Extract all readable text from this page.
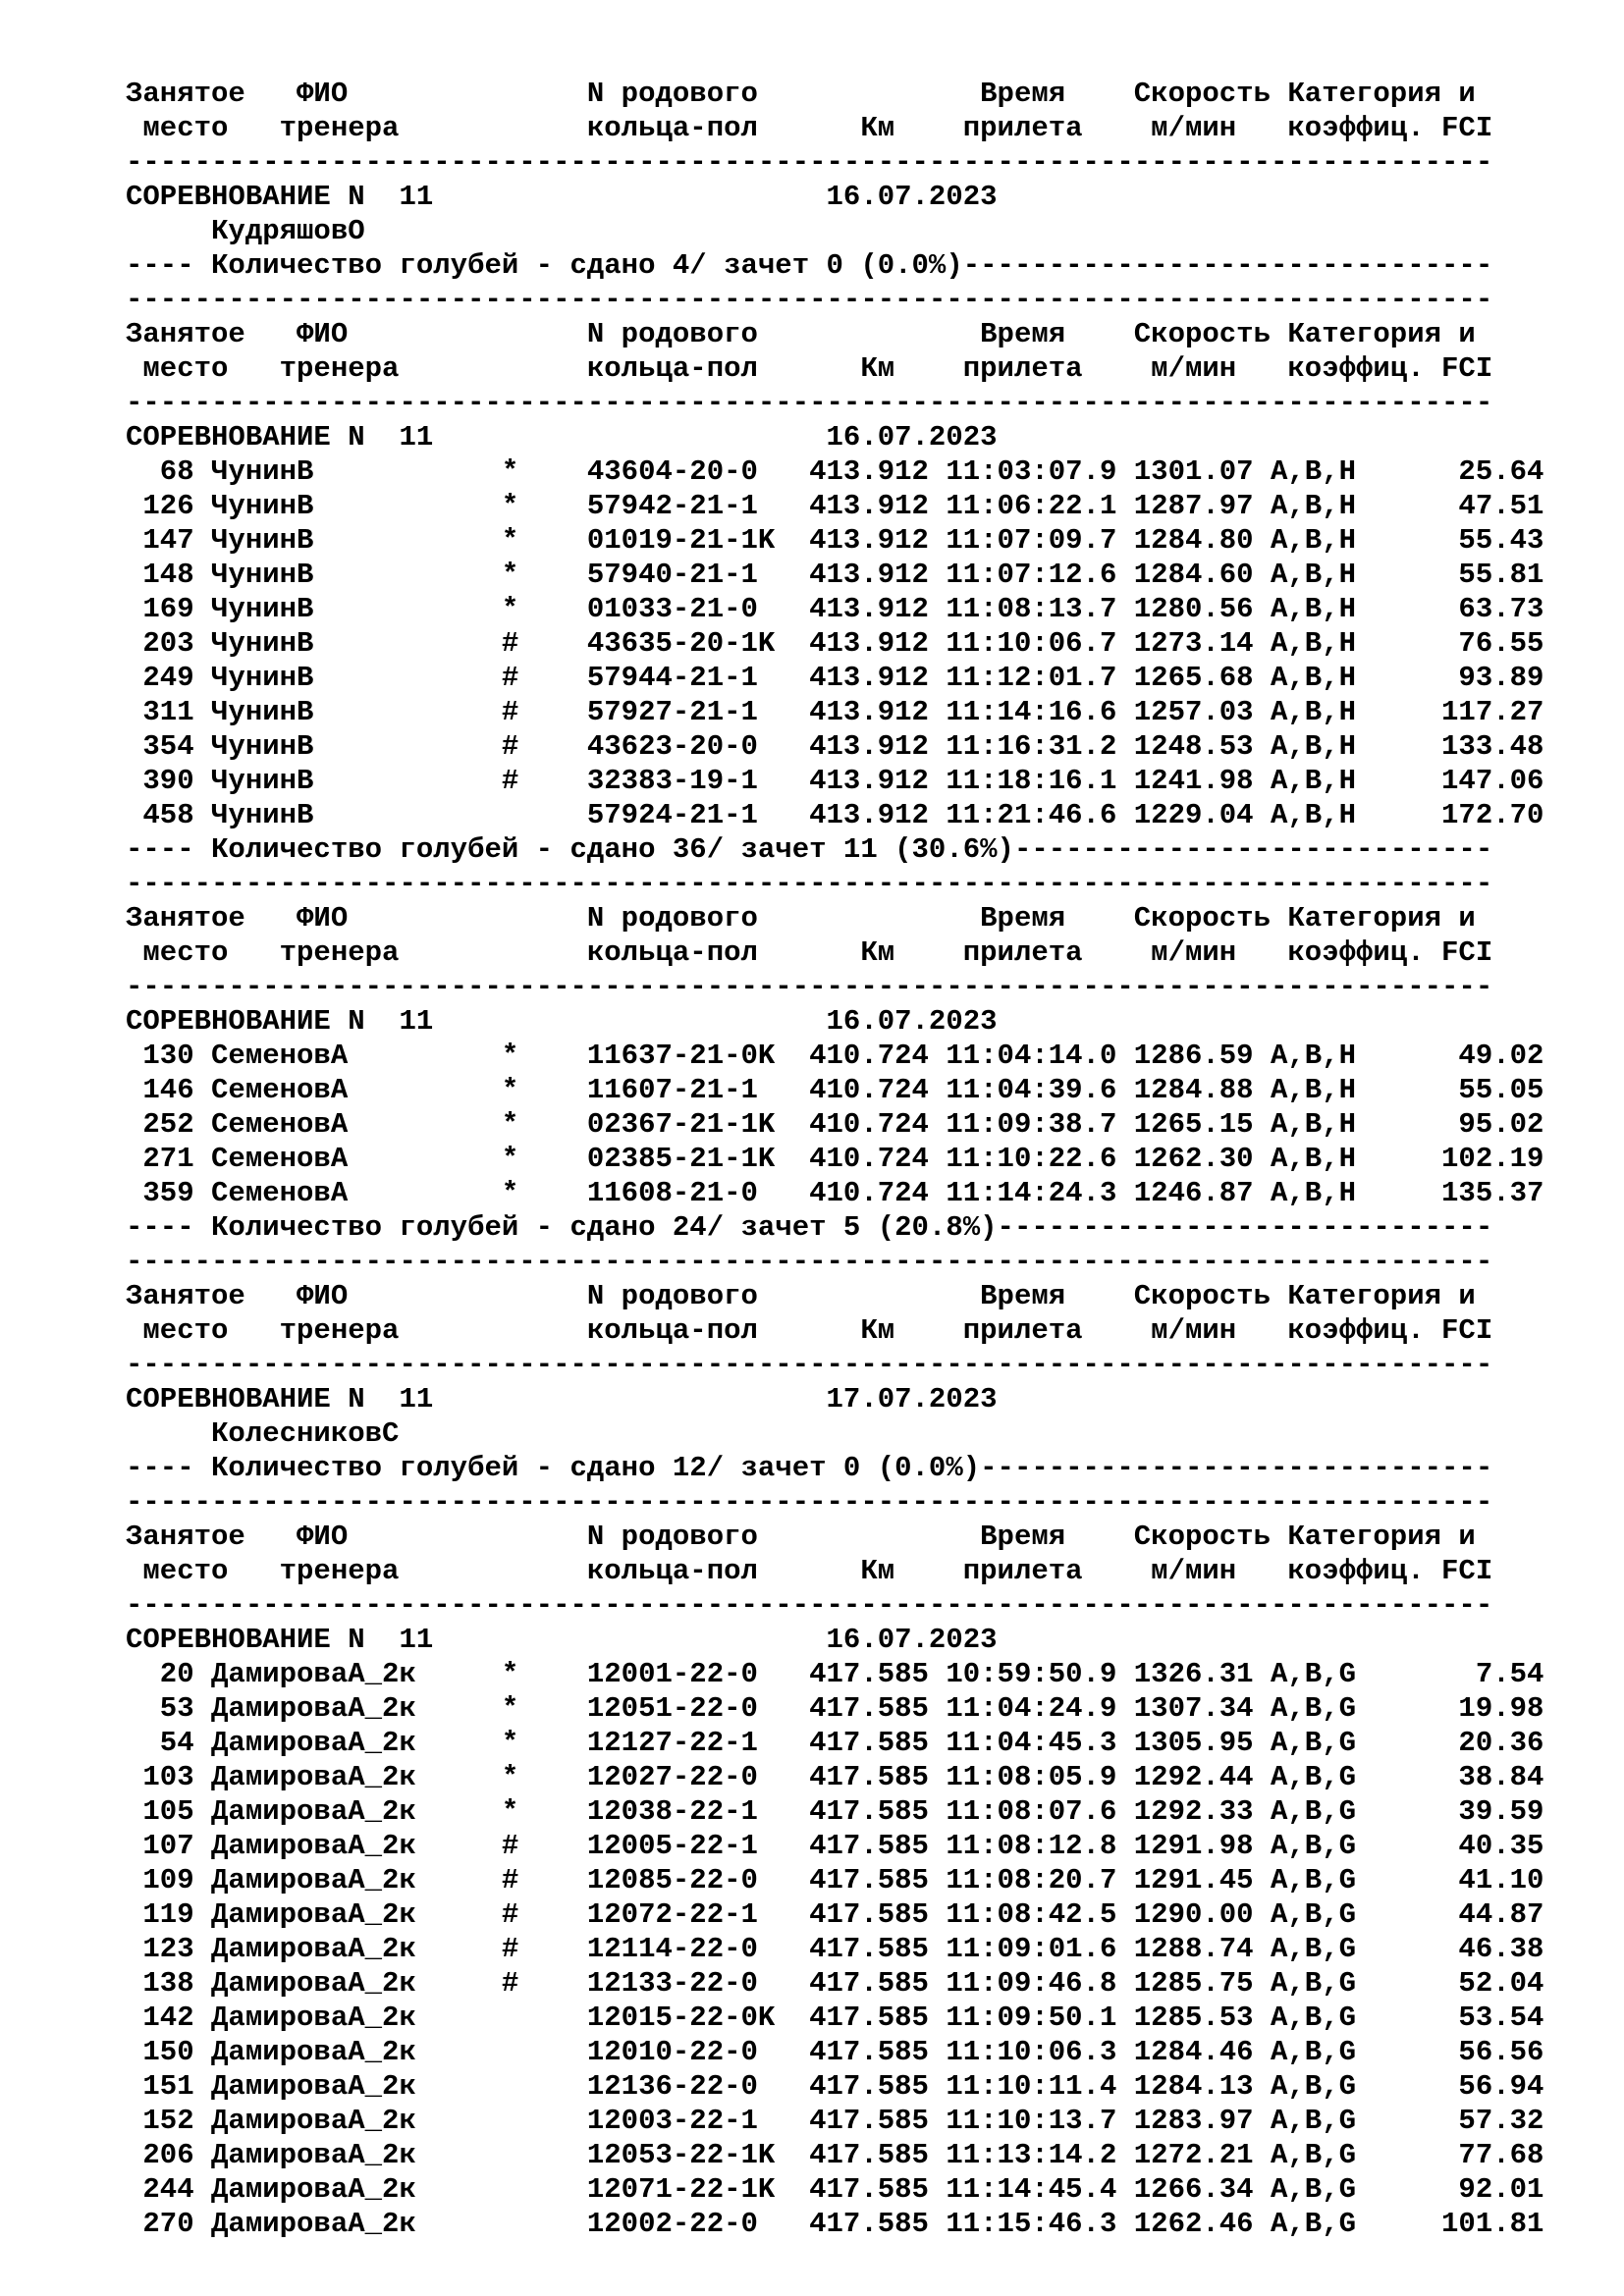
Занятое   ФИО              N родового             Время    Скорость Категория и
место   тренера           кольца-пол      Км    прилета    м/мин   коэффиц. FCI
--------------------------------------------------------------------------------
СОРЕВНОВАНИЕ N  11                       16.07.2023
КудряшовО
---- Количество голубей - сдано 4/ зачет 0 (0.0%)-------------------------------
--------------------------------------------------------------------------------
Занятое   ФИО              N родового             Время    Скорость Категория и
место   тренера           кольца-пол      Км    прилета    м/мин   коэффиц. FCI
--------------------------------------------------------------------------------
СОРЕВНОВАНИЕ N  11                       16.07.2023
68 ЧунинВ           *    43604-20-0   413.912 11:03:07.9 1301.07 A,B,H      25.64
126 ЧунинВ           *    57942-21-1   413.912 11:06:22.1 1287.97 A,B,H      47.51
147 ЧунинВ           *    01019-21-1K  413.912 11:07:09.7 1284.80 A,B,H      55.43
148 ЧунинВ           *    57940-21-1   413.912 11:07:12.6 1284.60 A,B,H      55.81
169 ЧунинВ           *    01033-21-0   413.912 11:08:13.7 1280.56 A,B,H      63.73
203 ЧунинВ           #    43635-20-1K  413.912 11:10:06.7 1273.14 A,B,H      76.55
249 ЧунинВ           #    57944-21-1   413.912 11:12:01.7 1265.68 A,B,H      93.89
311 ЧунинВ           #    57927-21-1   413.912 11:14:16.6 1257.03 A,B,H     117.27
354 ЧунинВ           #    43623-20-0   413.912 11:16:31.2 1248.53 A,B,H     133.48
390 ЧунинВ           #    32383-19-1   413.912 11:18:16.1 1241.98 A,B,H     147.06
458 ЧунинВ                57924-21-1   413.912 11:21:46.6 1229.04 A,B,H     172.70
---- Количество голубей - сдано 36/ зачет 11 (30.6%)----------------------------
--------------------------------------------------------------------------------
Занятое   ФИО              N родового             Время    Скорость Категория и
место   тренера           кольца-пол      Км    прилета    м/мин   коэффиц. FCI
--------------------------------------------------------------------------------
СОРЕВНОВАНИЕ N  11                       16.07.2023
130 СеменовА         *    11637-21-0K  410.724 11:04:14.0 1286.59 A,B,H      49.02
146 СеменовА         *    11607-21-1   410.724 11:04:39.6 1284.88 A,B,H      55.05
252 СеменовА         *    02367-21-1K  410.724 11:09:38.7 1265.15 A,B,H      95.02
271 СеменовА         *    02385-21-1K  410.724 11:10:22.6 1262.30 A,B,H     102.19
359 СеменовА         *    11608-21-0   410.724 11:14:24.3 1246.87 A,B,H     135.37
---- Количество голубей - сдано 24/ зачет 5 (20.8%)-----------------------------
--------------------------------------------------------------------------------
Занятое   ФИО              N родового             Время    Скорость Категория и
место   тренера           кольца-пол      Км    прилета    м/мин   коэффиц. FCI
--------------------------------------------------------------------------------
СОРЕВНОВАНИЕ N  11                       17.07.2023
КолесниковС
---- Количество голубей - сдано 12/ зачет 0 (0.0%)------------------------------
--------------------------------------------------------------------------------
Занятое   ФИО              N родового             Время    Скорость Категория и
место   тренера           кольца-пол      Км    прилета    м/мин   коэффиц. FCI
--------------------------------------------------------------------------------
СОРЕВНОВАНИЕ N  11                       16.07.2023
20 ДамироваА_2к     *    12001-22-0   417.585 10:59:50.9 1326.31 A,B,G       7.54
53 ДамироваА_2к     *    12051-22-0   417.585 11:04:24.9 1307.34 A,B,G      19.98
54 ДамироваА_2к     *    12127-22-1   417.585 11:04:45.3 1305.95 A,B,G      20.36
103 ДамироваА_2к     *    12027-22-0   417.585 11:08:05.9 1292.44 A,B,G      38.84
105 ДамироваА_2к     *    12038-22-1   417.585 11:08:07.6 1292.33 A,B,G      39.59
107 ДамироваА_2к     #    12005-22-1   417.585 11:08:12.8 1291.98 A,B,G      40.35
109 ДамироваА_2к     #    12085-22-0   417.585 11:08:20.7 1291.45 A,B,G      41.10
119 ДамироваА_2к     #    12072-22-1   417.585 11:08:42.5 1290.00 A,B,G      44.87
123 ДамироваА_2к     #    12114-22-0   417.585 11:09:01.6 1288.74 A,B,G      46.38
138 ДамироваА_2к     #    12133-22-0   417.585 11:09:46.8 1285.75 A,B,G      52.04
142 ДамироваА_2к          12015-22-0K  417.585 11:09:50.1 1285.53 A,B,G      53.54
150 ДамироваА_2к          12010-22-0   417.585 11:10:06.3 1284.46 A,B,G      56.56
151 ДамироваА_2к          12136-22-0   417.585 11:10:11.4 1284.13 A,B,G      56.94
152 ДамироваА_2к          12003-22-1   417.585 11:10:13.7 1283.97 A,B,G      57.32
206 ДамироваА_2к          12053-22-1K  417.585 11:13:14.2 1272.21 A,B,G      77.68
244 ДамироваА_2к          12071-22-1K  417.585 11:14:45.4 1266.34 A,B,G      92.01
270 ДамироваА_2к          12002-22-0   417.585 11:15:46.3 1262.46 A,B,G     101.81
